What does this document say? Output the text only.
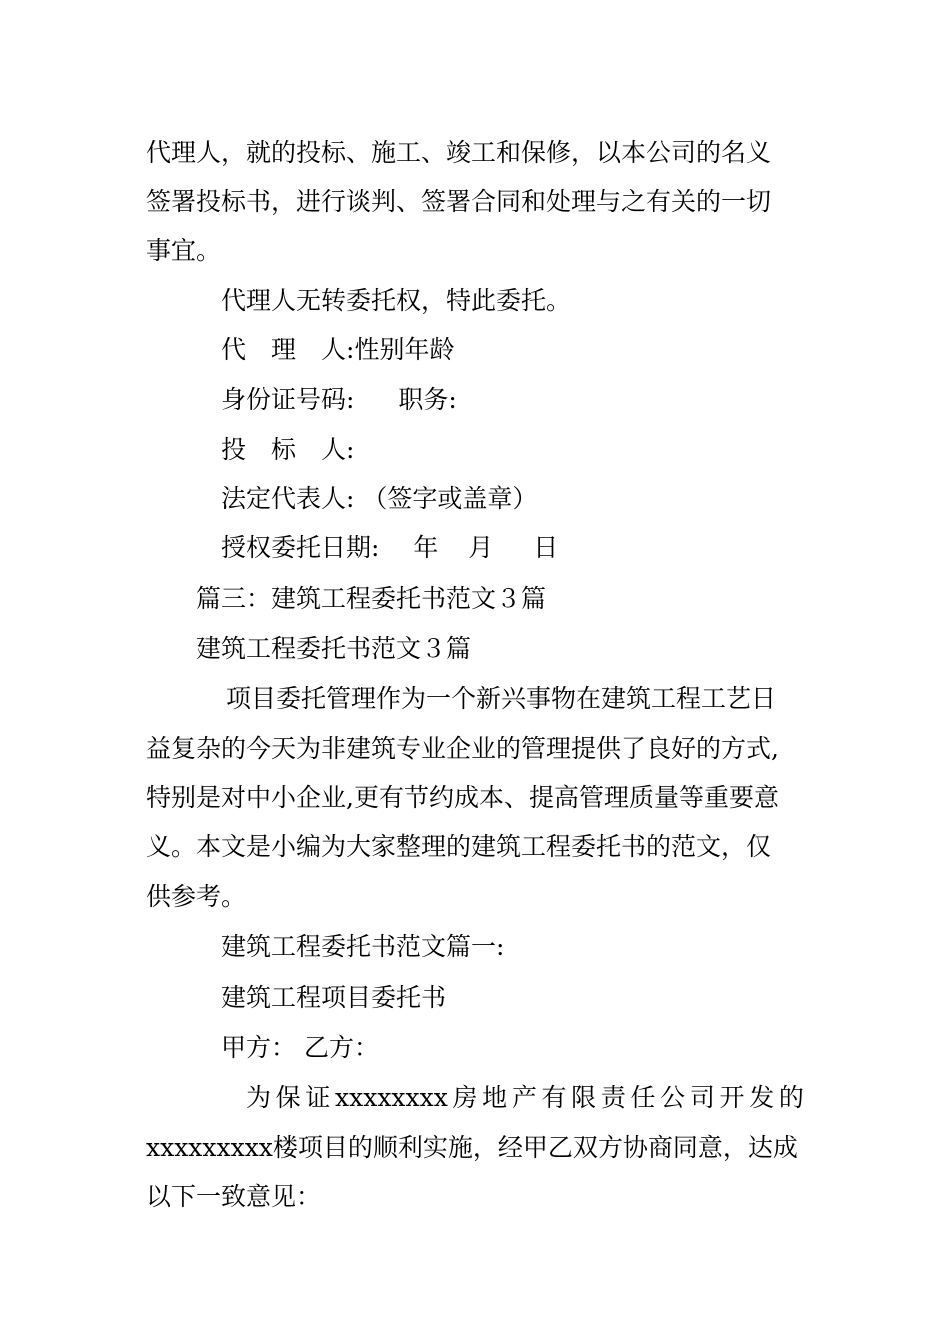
代理人，就的投标、施工、竣工和保修，以本公司的名义
签署投标书，进行谈判、签署合同和处理与之有关的一切
事宜。
代理人无转委托权，特此委托。
代　理　人:性别年龄
身份证号码: 职务:
投　标　人:
法定代表人: （签字或盖章）
授权委托日期: 年 月 日
篇三：建筑工程委托书范文３篇
建筑工程委托书范文３篇
项目委托管理作为一个新兴事物在建筑工程工艺日
益复杂的今天为非建筑专业企业的管理提供了良好的方式,
特别是对中小企业,更有节约成本、提高管理质量等重要意
义。本文是小编为大家整理的建筑工程委托书的范文，仅
供参考。
建筑工程委托书范文篇一:
建筑工程项目委托书
甲方： 乙方：
为 保 证 xxxxxxxx 房 地 产 有 限 责 任 公 司 开 发 的
xxxxxxxxx楼项目的顺利实施，经甲乙双方协商同意，达成
以下一致意见：
